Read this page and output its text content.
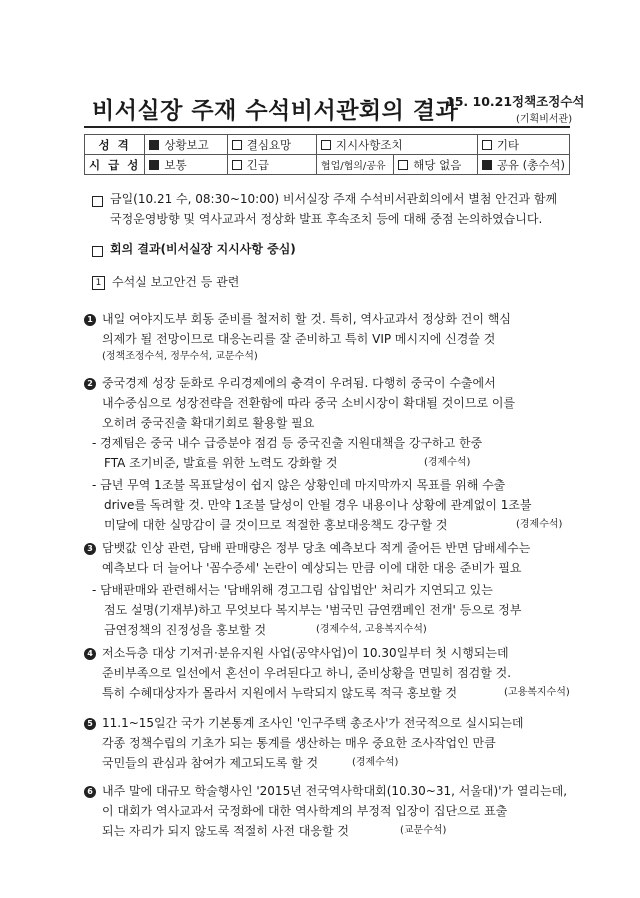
비서실장 주재 수석비서관회의 결과
15. 10.21정책조정수석
(기획비서관)
성 격	상황보고	결심요망	지시사항조치		기타
시 급 성	보통	긴급	협업/협의/공유	해당 없음	공유 (총수석)
금일(10.21 수, 08:30~10:00) 비서실장 주재 수석비서관회의에서 별첨 안건과 함께
국정운영방향 및 역사교과서 정상화 발표 후속조치 등에 대해 중점 논의하였습니다.
회의 결과(비서실장 지시사항 중심)
1 수석실 보고안건 등 관련
1 내일 여야지도부 회동 준비를 철저히 할 것. 특히, 역사교과서 정상화 건이 핵심
의제가 될 전망이므로 대응논리를 잘 준비하고 특히 VIP 메시지에 신경쓸 것
(정책조정수석, 정무수석, 교문수석)
2 중국경제 성장 둔화로 우리경제에의 충격이 우려됨. 다행히 중국이 수출에서
내수중심으로 성장전략을 전환함에 따라 중국 소비시장이 확대될 것이므로 이를
오히려 중국진출 확대기회로 활용할 필요
- 경제팀은 중국 내수 급증분야 점검 등 중국진출 지원대책을 강구하고 한중
FTA 조기비준, 발효를 위한 노력도 강화할 것	(경제수석)
- 금년 무역 1조불 목표달성이 쉽지 않은 상황인데 마지막까지 목표를 위해 수출
drive를 독려할 것. 만약 1조불 달성이 안될 경우 내용이나 상황에 관계없이 1조불
미달에 대한 실망감이 클 것이므로 적절한 홍보대응책도 강구할 것	(경제수석)
3 담뱃값 인상 관련, 담배 판매량은 정부 당초 예측보다 적게 줄어든 반면 담배세수는
예측보다 더 늘어나 '꼼수증세' 논란이 예상되는 만큼 이에 대한 대응 준비가 필요
- 담배판매와 관련해서는 '담배위해 경고그림 삽입법안' 처리가 지연되고 있는
점도 설명(기재부)하고 무엇보다 복지부는 '범국민 금연캠페인 전개' 등으로 정부
금연정책의 진정성을 홍보할 것	(경제수석, 고용복지수석)
4 저소득층 대상 기저귀·분유지원 사업(공약사업)이 10.30일부터 첫 시행되는데
준비부족으로 일선에서 혼선이 우려된다고 하니, 준비상황을 면밀히 점검할 것.
특히 수혜대상자가 몰라서 지원에서 누락되지 않도록 적극 홍보할 것	(고용복지수석)
5 11.1~15일간 국가 기본통계 조사인 '인구주택 총조사'가 전국적으로 실시되는데
각종 정책수립의 기초가 되는 통계를 생산하는 매우 중요한 조사작업인 만큼
국민들의 관심과 참여가 제고되도록 할 것	(경제수석)
6 내주 말에 대규모 학술행사인 '2015년 전국역사학대회(10.30~31, 서울대)'가 열리는데,
이 대회가 역사교과서 국정화에 대한 역사학계의 부정적 입장이 집단으로 표출
되는 자리가 되지 않도록 적절히 사전 대응할 것	(교문수석)
